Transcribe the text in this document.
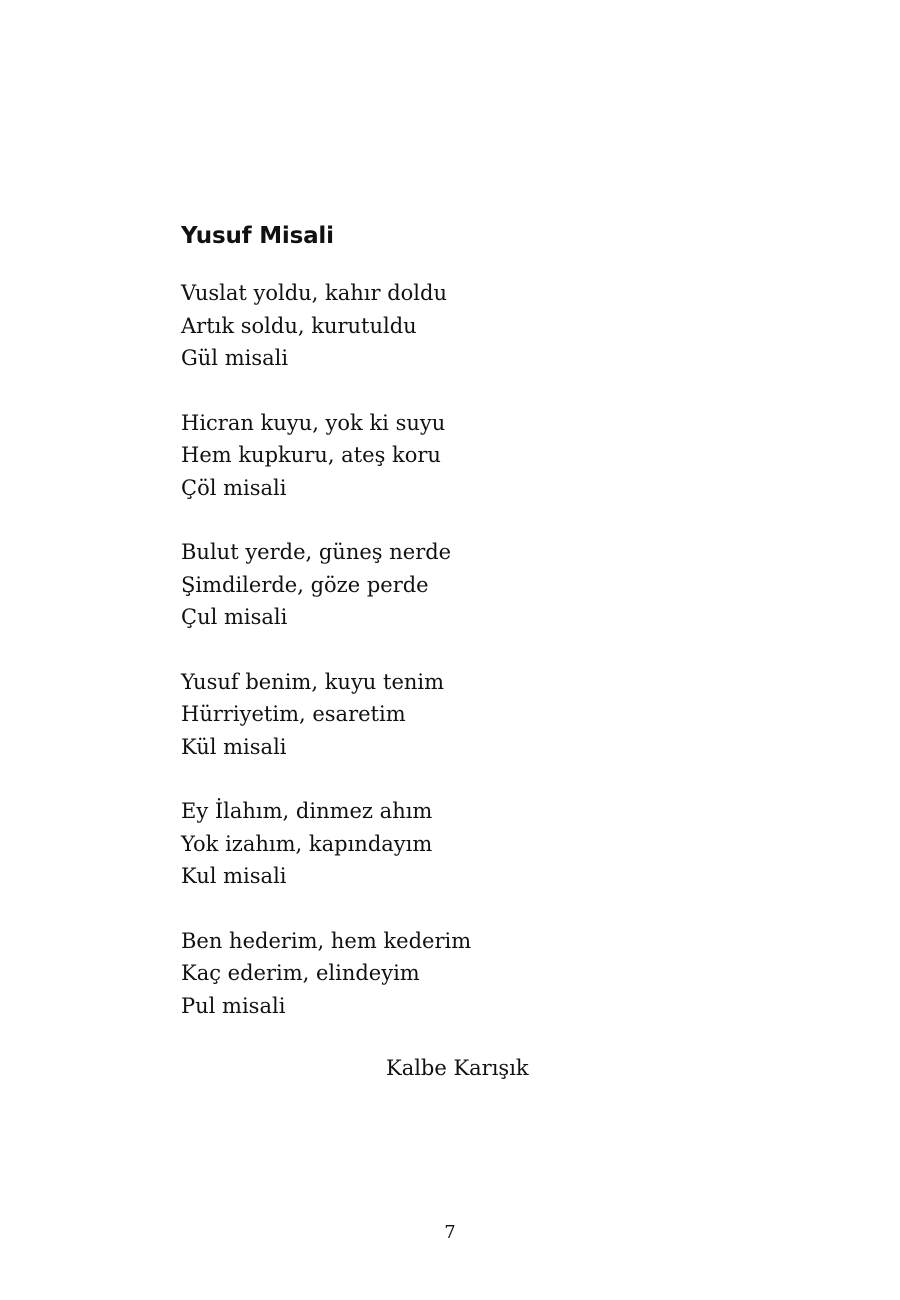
Yusuf Misali
Vuslat yoldu, kahır doldu
Artık soldu, kurutuldu
Gül misali
Hicran kuyu, yok ki suyu
Hem kupkuru, ateş koru
Çöl misali
Bulut yerde, güneş nerde
Şimdilerde, göze perde
Çul misali
Yusuf benim, kuyu tenim
Hürriyetim, esaretim
Kül misali
Ey İlahım, dinmez ahım
Yok izahım, kapındayım
Kul misali
Ben hederim, hem kederim
Kaç ederim, elindeyim
Pul misali
Kalbe Karışık
7
